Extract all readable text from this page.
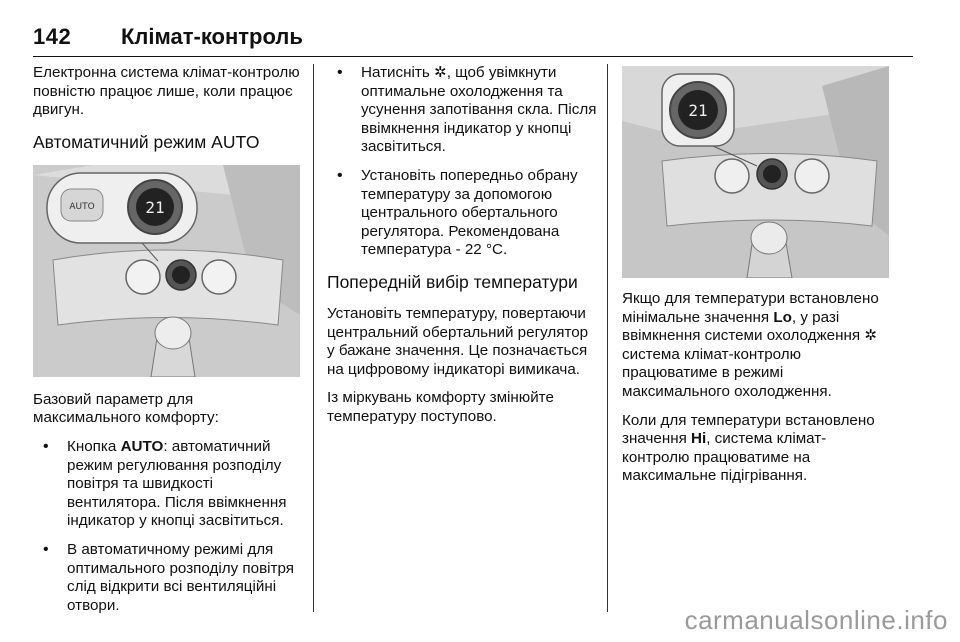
142 Клімат-контроль

Електронна система клімат-контролю повністю працює лише, коли працює двигун.

Автоматичний режим AUTO
AUTO	21

Базовий параметр для максимального комфорту:

• Кнопка AUTO: автоматичний режим регулювання розподілу повітря та швидкості вентилятора. Після ввімкнення індикатор у кнопці засвітиться.
• В автоматичному режимі для оптимального розподілу повітря слід відкрити всі вентиляційні отвори.
• Натисніть ✲, щоб увімкнути оптимальне охолодження та усунення запотівання скла. Після ввімкнення індикатор у кнопці засвітиться.
• Установіть попередньо обрану температуру за допомогою центрального обертального регулятора. Рекомендована температура - 22 °C.
Попередній вибір температури

Установіть температуру, повертаючи центральний обертальний регулятор у бажане значення. Це позначається на цифровому індикаторі вимикача.

Із міркувань комфорту змінюйте температуру поступово.

21

Якщо для температури встановлено мінімальне значення Lo, у разі ввімкнення системи охолодження ✲ система клімат-контролю працюватиме в режимі максимального охолодження.

Коли для температури встановлено значення Hi, система клімат-контролю працюватиме на максимальне підігрівання.

carmanualsonline.info
